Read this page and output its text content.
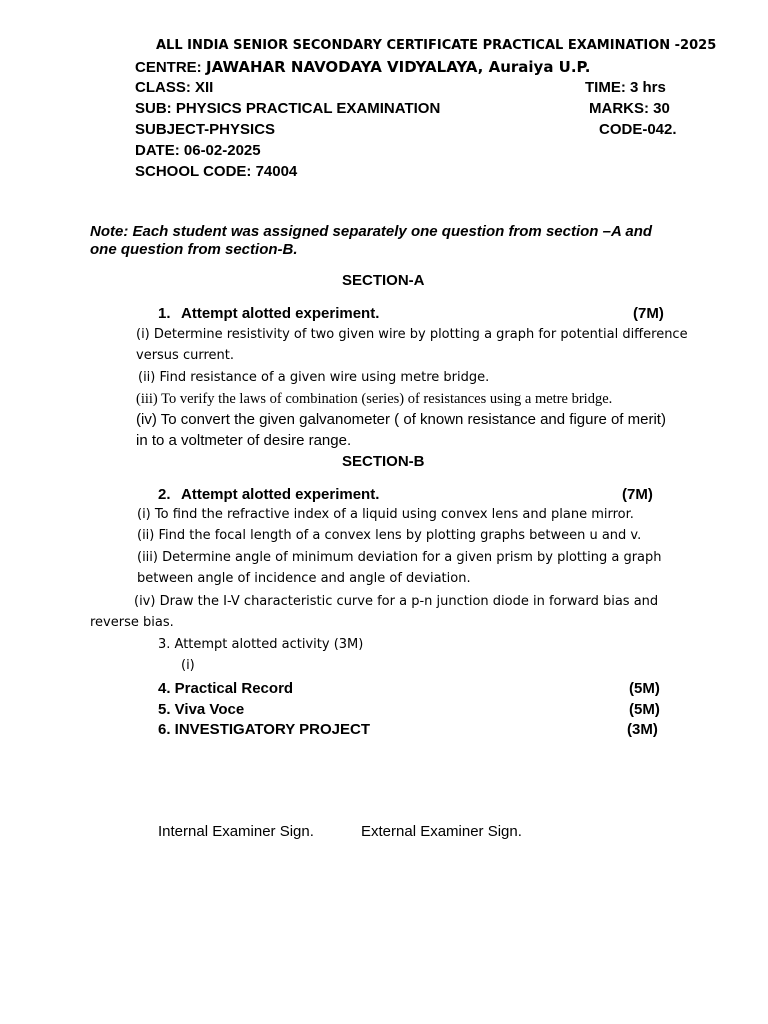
ALL INDIA SENIOR SECONDARY CERTIFICATE PRACTICAL EXAMINATION -2025
CENTRE: JAWAHAR NAVODAYA VIDYALAYA, Auraiya U.P.
CLASS: XII	TIME: 3 hrs
SUB: PHYSICS PRACTICAL EXAMINATION	MARKS: 30
SUBJECT-PHYSICS	CODE-042.
DATE: 06-02-2025
SCHOOL CODE: 74004
Note: Each student was assigned separately one question from section –A and
one question from section-B.
SECTION-A
1. Attempt alotted experiment.	(7M)
(i) Determine resistivity of two given wire by plotting a graph for potential difference
versus current.
(ii) Find resistance of a given wire using metre bridge.
(iii) To verify the laws of combination (series) of resistances using a metre bridge.
(iv) To convert the given galvanometer ( of known resistance and figure of merit)
in to a voltmeter of desire range.
SECTION-B
2. Attempt alotted experiment.	(7M)
(i) To find the refractive index of a liquid using convex lens and plane mirror.
(ii) Find the focal length of a convex lens by plotting graphs between u and v.
(iii) Determine angle of minimum deviation for a given prism by plotting a graph
between angle of incidence and angle of deviation.
(iv) Draw the I-V characteristic curve for a p-n junction diode in forward bias and
reverse bias.
3. Attempt alotted activity (3M)
(i)
4. Practical Record	(5M)
5. Viva Voce	(5M)
6. INVESTIGATORY PROJECT	(3M)
Internal Examiner Sign.	External Examiner Sign.
